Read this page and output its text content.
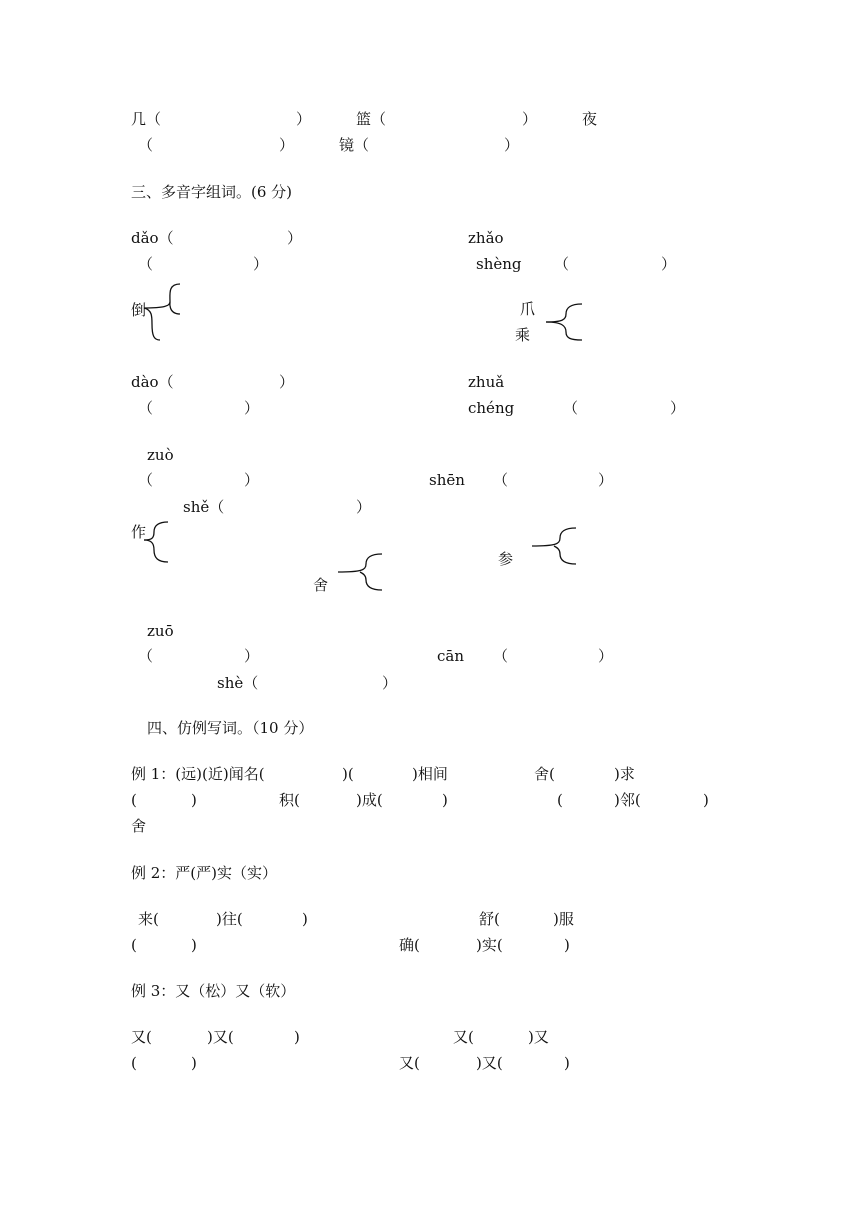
几（	）	篮（	）	夜
（	）	镜（	）
三、多音字组词。(6 分)
dǎo（	）
（	）
倒
dào（	）
（	）
zhǎo
shèng （	）
爪
乘
zhuǎ
chéng	（	）
zuò
（	）
作
zuō
（	）
shě（	）
舍
shè（	）
shēn （	）
参
cān （	）
四、仿例写词。（10 分）
例 1：(远)(近)闻名(	)(	)相间	舍(	)求
(	)	积(	)成(	)	(	)邻(	)
舍
例 2：严(严)实（实）
来(	)往(	)	舒(	)服
(	)	确(	)实(	)
例 3：又（松）又（软）
又(	)又(	)	又(	)又
(	)	又(	)又(	)
